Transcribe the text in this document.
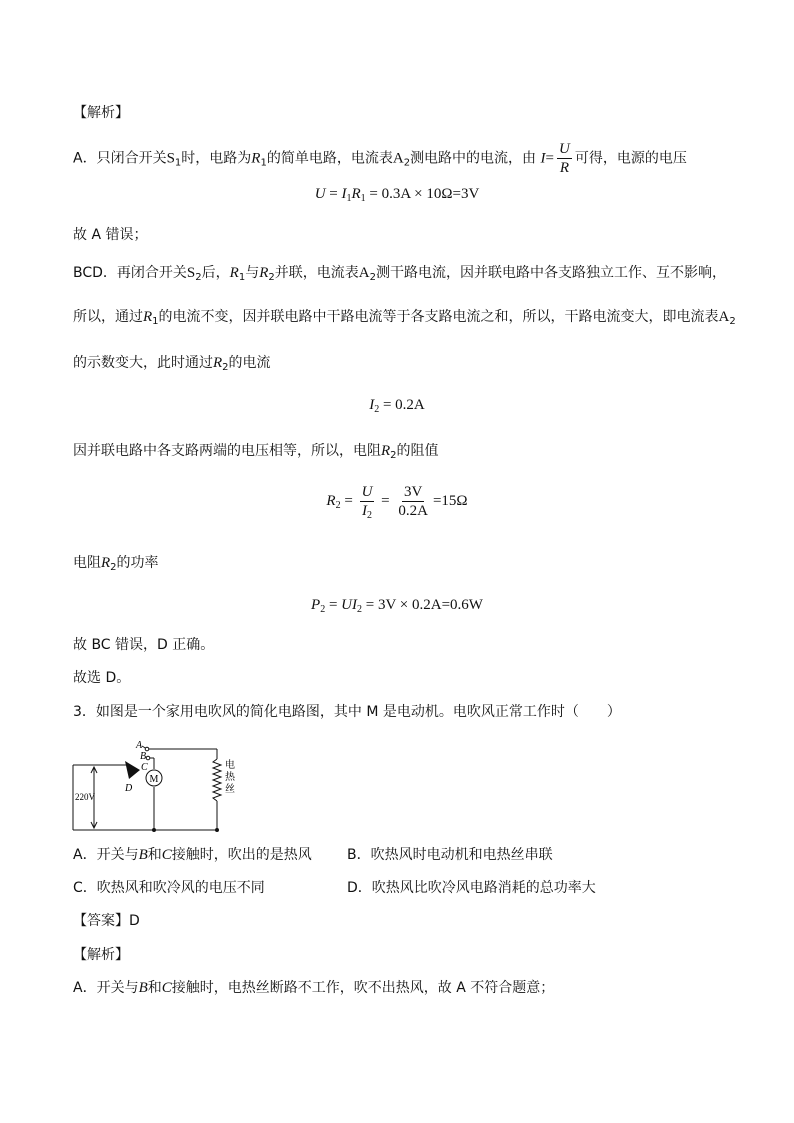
【解析】
A．只闭合开关$S_1$时，电路为$R_1$的简单电路，电流表$A_2$测电路中的电流，由 $I= \frac{U}{R}$ 可得，电源的电压
$U = I_1R_1 = 0.3A \times 10\Omega=3V$
故 A 错误；
BCD．再闭合开关$S_2$后，$R_1$与$R_2$并联，电流表$A_2$测干路电流，因并联电路中各支路独立工作、互不影响，
所以，通过$R_1$的电流不变，因并联电路中干路电流等于各支路电流之和，所以，干路电流变大，即电流表$A_2$
的示数变大，此时通过$R_2$的电流
$I_2 = 0.2A$
因并联电路中各支路两端的电压相等，所以，电阻$R_2$的阻值
$R_2 = \frac{U}{I_2} = \frac{3V}{0.2A} =15\Omega$
电阻$R_2$的功率
$P_2 = UI_2 = 3V \times 0.2A=0.6W$
故 BC 错误，D 正确。
故选 D。
3．如图是一个家用电吹风的简化电路图，其中 M 是电动机。电吹风正常工作时（　　）
A
B
C
D
M
220V
电
热
丝
A．开关与B和C接触时，吹出的是热风	B．吹热风时电动机和电热丝串联
C．吹热风和吹冷风的电压不同	D．吹热风比吹冷风电路消耗的总功率大
【答案】D
【解析】
A．开关与B和C接触时，电热丝断路不工作，吹不出热风，故 A 不符合题意；
